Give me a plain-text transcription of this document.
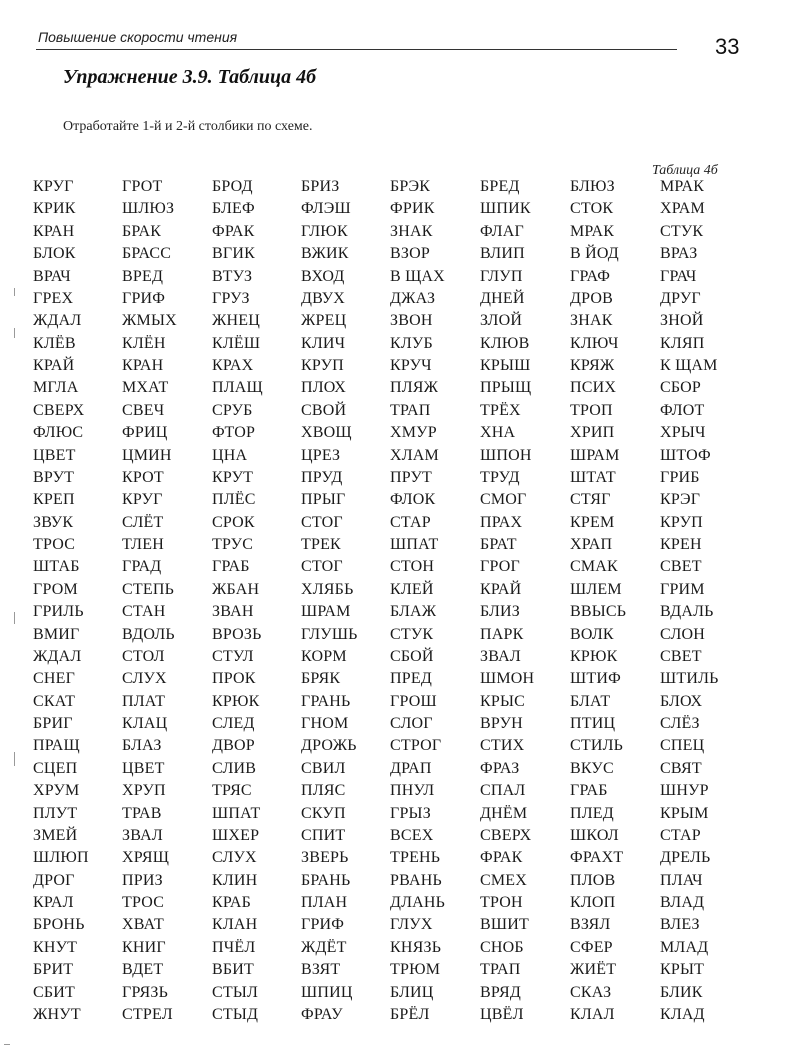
Повышение скорости чтения	33
Упражнение 3.9. Таблица 4б
Отработайте 1-й и 2-й столбики по схеме.
Таблица 4б
КРУГ
КРИК
КРАН
БЛОК
ВРАЧ
ГРЕХ
ЖДАЛ
КЛЁВ
КРАЙ
МГЛА
СВЕРХ
ФЛЮС
ЦВЕТ
ВРУТ
КРЕП
ЗВУК
ТРОС
ШТАБ
ГРОМ
ГРИЛЬ
ВМИГ
ЖДАЛ
СНЕГ
СКАТ
БРИГ
ПРАЩ
СЦЕП
ХРУМ
ПЛУТ
ЗМЕЙ
ШЛЮП
ДРОГ
КРАЛ
БРОНЬ
КНУТ
БРИТ
СБИТ
ЖНУТ
ГРОТ
ШЛЮЗ
БРАК
БРАСС
ВРЕД
ГРИФ
ЖМЫХ
КЛЁН
КРАН
МХАТ
СВЕЧ
ФРИЦ
ЦМИН
КРОТ
КРУГ
СЛЁТ
ТЛЕН
ГРАД
СТЕПЬ
СТАН
ВДОЛЬ
СТОЛ
СЛУХ
ПЛАТ
КЛАЦ
БЛАЗ
ЦВЕТ
ХРУП
ТРАВ
ЗВАЛ
ХРЯЩ
ПРИЗ
ТРОС
ХВАТ
КНИГ
ВДЕТ
ГРЯЗЬ
СТРЕЛ
БРОД
БЛЕФ
ФРАК
ВГИК
ВТУЗ
ГРУЗ
ЖНЕЦ
КЛЁШ
КРАХ
ПЛАЩ
СРУБ
ФТОР
ЦНА
КРУТ
ПЛЁС
СРОК
ТРУС
ГРАБ
ЖБАН
ЗВАН
ВРОЗЬ
СТУЛ
ПРОК
КРЮК
СЛЕД
ДВОР
СЛИВ
ТРЯС
ШПАТ
ШХЕР
СЛУХ
КЛИН
КРАБ
КЛАН
ПЧЁЛ
ВБИТ
СТЫЛ
СТЫД
БРИЗ
ФЛЭШ
ГЛЮК
ВЖИК
ВХОД
ДВУХ
ЖРЕЦ
КЛИЧ
КРУП
ПЛОХ
СВОЙ
ХВОЩ
ЦРЕЗ
ПРУД
ПРЫГ
СТОГ
ТРЕК
СТОГ
ХЛЯБЬ
ШРАМ
ГЛУШЬ
КОРМ
БРЯК
ГРАНЬ
ГНОМ
ДРОЖЬ
СВИЛ
ПЛЯС
СКУП
СПИТ
ЗВЕРЬ
БРАНЬ
ПЛАН
ГРИФ
ЖДЁТ
ВЗЯТ
ШПИЦ
ФРАУ
БРЭК
ФРИК
ЗНАК
ВЗОР
В ЩАХ
ДЖАЗ
ЗВОН
КЛУБ
КРУЧ
ПЛЯЖ
ТРАП
ХМУР
ХЛАМ
ПРУТ
ФЛОК
СТАР
ШПАТ
СТОН
КЛЕЙ
БЛАЖ
СТУК
СБОЙ
ПРЕД
ГРОШ
СЛОГ
СТРОГ
ДРАП
ПНУЛ
ГРЫЗ
ВСЕХ
ТРЕНЬ
РВАНЬ
ДЛАНЬ
ГЛУХ
КНЯЗЬ
ТРЮМ
БЛИЦ
БРЁЛ
БРЕД
ШПИК
ФЛАГ
ВЛИП
ГЛУП
ДНЕЙ
ЗЛОЙ
КЛЮВ
КРЫШ
ПРЫЩ
ТРЁХ
ХНА
ШПОН
ТРУД
СМОГ
ПРАХ
БРАТ
ГРОГ
КРАЙ
БЛИЗ
ПАРК
ЗВАЛ
ШМОН
КРЫС
ВРУН
СТИХ
ФРАЗ
СПАЛ
ДНЁМ
СВЕРХ
ФРАК
СМЕХ
ТРОН
ВШИТ
СНОБ
ТРАП
ВРЯД
ЦВЁЛ
БЛЮЗ
СТОК
МРАК
В ЙОД
ГРАФ
ДРОВ
ЗНАК
КЛЮЧ
КРЯЖ
ПСИХ
ТРОП
ХРИП
ШРАМ
ШТАТ
СТЯГ
КРЕМ
ХРАП
СМАК
ШЛЕМ
ВВЫСЬ
ВОЛК
КРЮК
ШТИФ
БЛАТ
ПТИЦ
СТИЛЬ
ВКУС
ГРАБ
ПЛЕД
ШКОЛ
ФРАХТ
ПЛОВ
КЛОП
ВЗЯЛ
СФЕР
ЖИЁТ
СКАЗ
КЛАЛ
МРАК
ХРАМ
СТУК
ВРАЗ
ГРАЧ
ДРУГ
ЗНОЙ
КЛЯП
К ЩАМ
СБОР
ФЛОТ
ХРЫЧ
ШТОФ
ГРИБ
КРЭГ
КРУП
КРЕН
СВЕТ
ГРИМ
ВДАЛЬ
СЛОН
СВЕТ
ШТИЛЬ
БЛОХ
СЛЁЗ
СПЕЦ
СВЯТ
ШНУР
КРЫМ
СТАР
ДРЕЛЬ
ПЛАЧ
ВЛАД
ВЛЕЗ
МЛАД
КРЫТ
БЛИК
КЛАД
